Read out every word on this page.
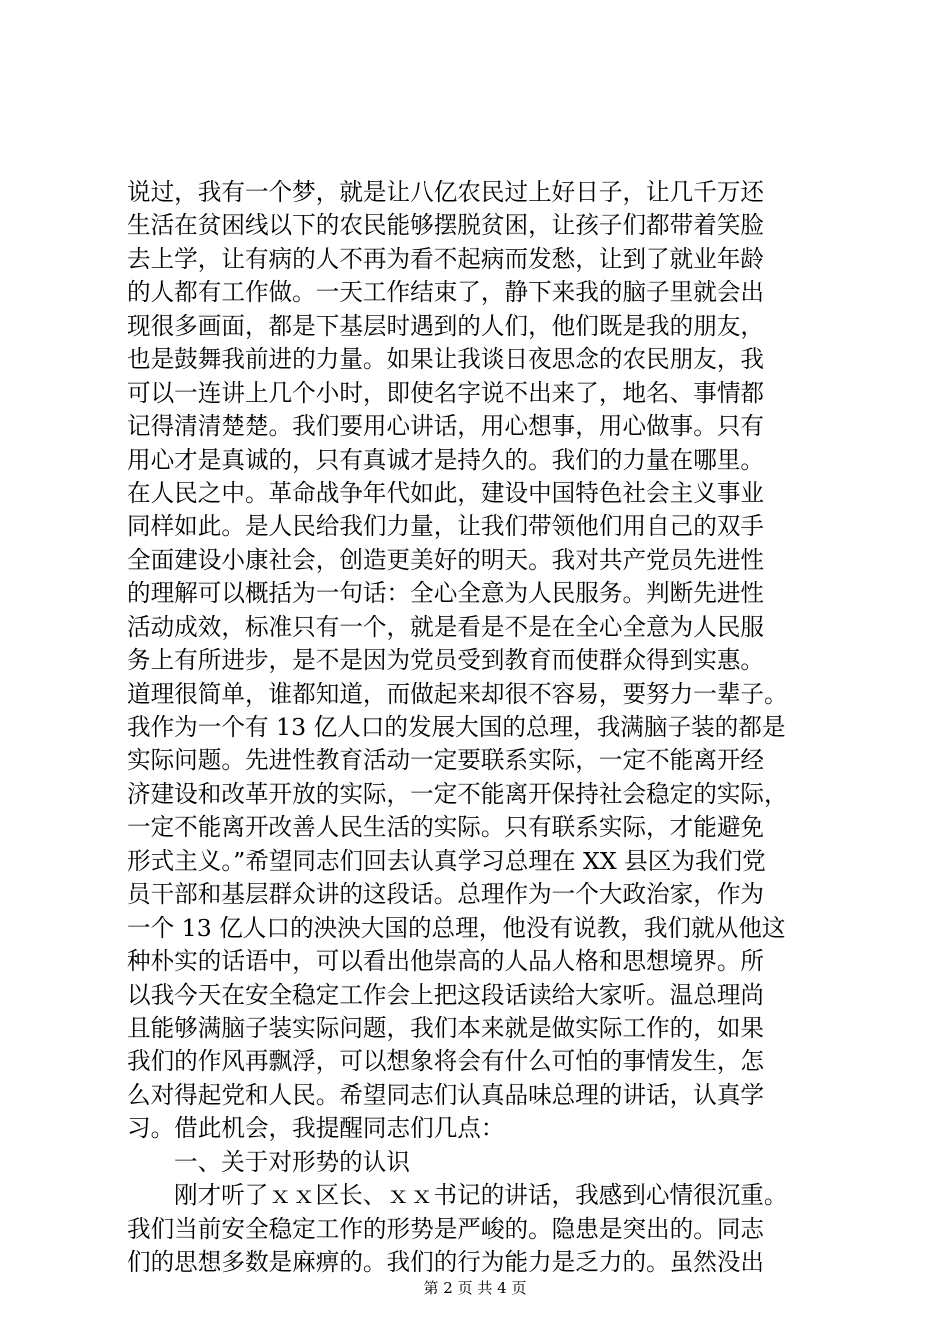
说过，我有一个梦，就是让八亿农民过上好日子，让几千万还
生活在贫困线以下的农民能够摆脱贫困，让孩子们都带着笑脸
去上学，让有病的人不再为看不起病而发愁，让到了就业年龄
的人都有工作做。一天工作结束了，静下来我的脑子里就会出
现很多画面，都是下基层时遇到的人们，他们既是我的朋友，
也是鼓舞我前进的力量。如果让我谈日夜思念的农民朋友，我
可以一连讲上几个小时，即使名字说不出来了，地名、事情都
记得清清楚楚。我们要用心讲话，用心想事，用心做事。只有
用心才是真诚的，只有真诚才是持久的。我们的力量在哪里。
在人民之中。革命战争年代如此，建设中国特色社会主义事业
同样如此。是人民给我们力量，让我们带领他们用自己的双手
全面建设小康社会，创造更美好的明天。我对共产党员先进性
的理解可以概括为一句话：全心全意为人民服务。判断先进性
活动成效，标准只有一个，就是看是不是在全心全意为人民服
务上有所进步，是不是因为党员受到教育而使群众得到实惠。
道理很简单，谁都知道，而做起来却很不容易，要努力一辈子。
我作为一个有 13 亿人口的发展大国的总理，我满脑子装的都是
实际问题。先进性教育活动一定要联系实际，一定不能离开经
济建设和改革开放的实际，一定不能离开保持社会稳定的实际，
一定不能离开改善人民生活的实际。只有联系实际，才能避免
形式主义。”希望同志们回去认真学习总理在 XX 县区为我们党
员干部和基层群众讲的这段话。总理作为一个大政治家，作为
一个 13 亿人口的泱泱大国的总理，他没有说教，我们就从他这
种朴实的话语中，可以看出他崇高的人品人格和思想境界。所
以我今天在安全稳定工作会上把这段话读给大家听。温总理尚
且能够满脑子装实际问题，我们本来就是做实际工作的，如果
我们的作风再飘浮，可以想象将会有什么可怕的事情发生，怎
么对得起党和人民。希望同志们认真品味总理的讲话，认真学
习。借此机会，我提醒同志们几点：
一、关于对形势的认识
刚才听了ｘｘ区长、ｘｘ书记的讲话，我感到心情很沉重。
我们当前安全稳定工作的形势是严峻的。隐患是突出的。同志
们的思想多数是麻痹的。我们的行为能力是乏力的。虽然没出
第 2 页 共 4 页
